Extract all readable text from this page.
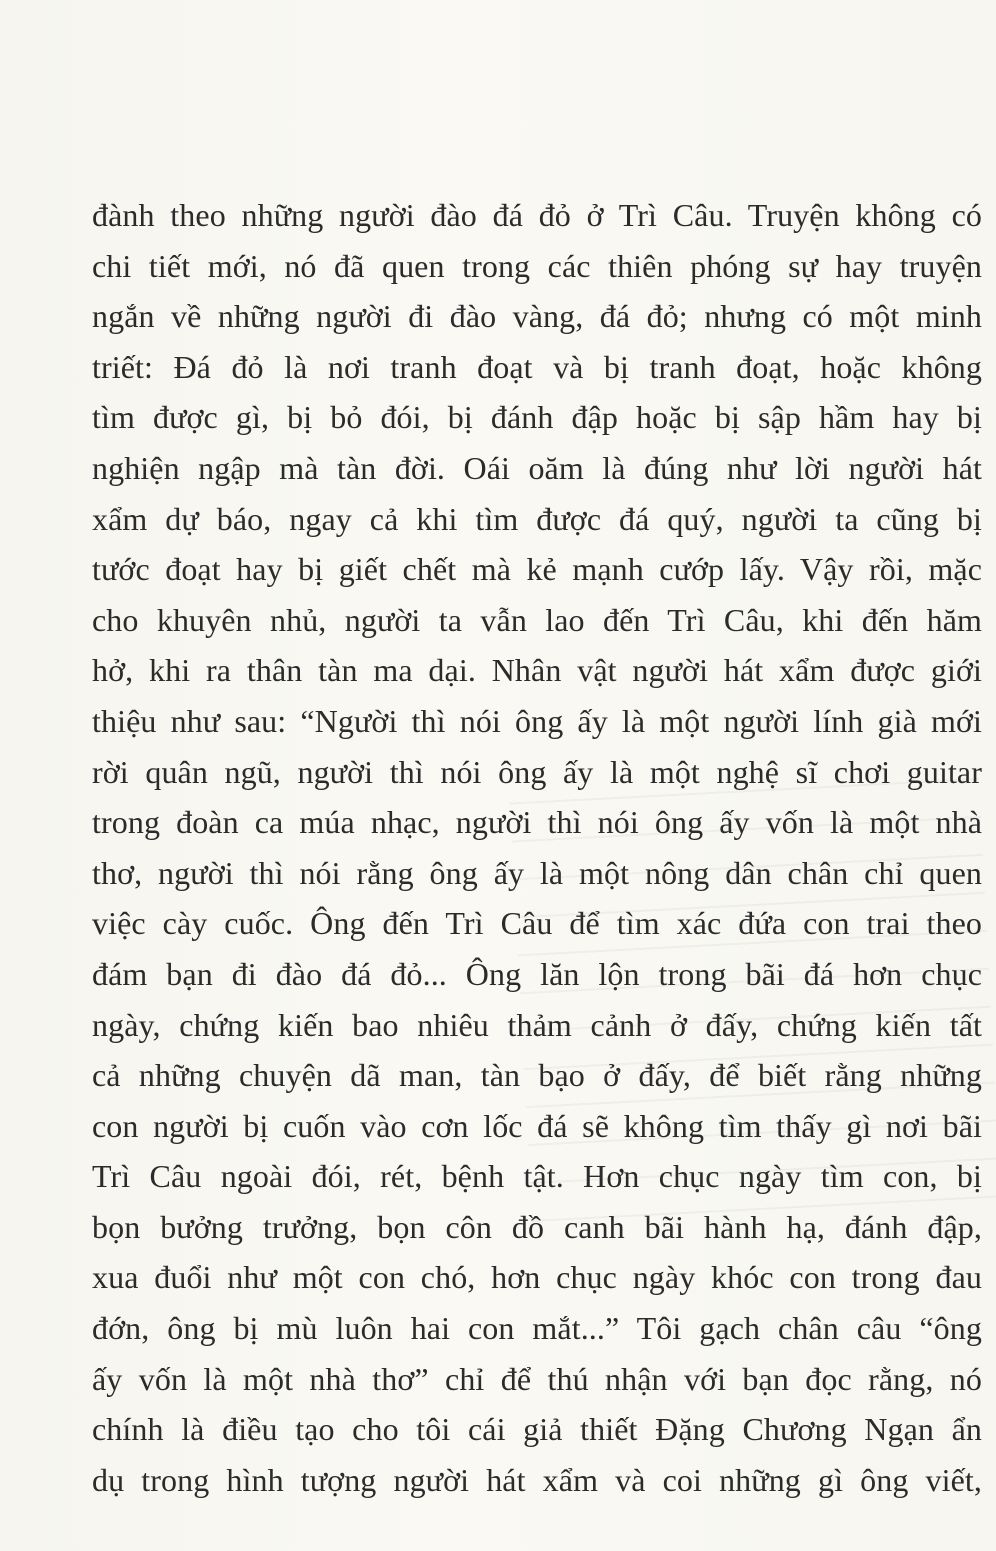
đành theo những người đào đá đỏ ở Trì Câu. Truyện không có
chi tiết mới, nó đã quen trong các thiên phóng sự hay truyện
ngắn về những người đi đào vàng, đá đỏ; nhưng có một minh
triết: Đá đỏ là nơi tranh đoạt và bị tranh đoạt, hoặc không
tìm được gì, bị bỏ đói, bị đánh đập hoặc bị sập hầm hay bị
nghiện ngập mà tàn đời. Oái oăm là đúng như lời người hát
xẩm dự báo, ngay cả khi tìm được đá quý, người ta cũng bị
tước đoạt hay bị giết chết mà kẻ mạnh cướp lấy. Vậy rồi, mặc
cho khuyên nhủ, người ta vẫn lao đến Trì Câu, khi đến hăm
hở, khi ra thân tàn ma dại. Nhân vật người hát xẩm được giới
thiệu như sau: “Người thì nói ông ấy là một người lính già mới
rời quân ngũ, người thì nói ông ấy là một nghệ sĩ chơi guitar
trong đoàn ca múa nhạc, người thì nói ông ấy vốn là một nhà
thơ, người thì nói rằng ông ấy là một nông dân chân chỉ quen
việc cày cuốc. Ông đến Trì Câu để tìm xác đứa con trai theo
đám bạn đi đào đá đỏ... Ông lăn lộn trong bãi đá hơn chục
ngày, chứng kiến bao nhiêu thảm cảnh ở đấy, chứng kiến tất
cả những chuyện dã man, tàn bạo ở đấy, để biết rằng những
con người bị cuốn vào cơn lốc đá sẽ không tìm thấy gì nơi bãi
Trì Câu ngoài đói, rét, bệnh tật. Hơn chục ngày tìm con, bị
bọn bưởng trưởng, bọn côn đồ canh bãi hành hạ, đánh đập,
xua đuổi như một con chó, hơn chục ngày khóc con trong đau
đớn, ông bị mù luôn hai con mắt...” Tôi gạch chân câu “ông
ấy vốn là một nhà thơ” chỉ để thú nhận với bạn đọc rằng, nó
chính là điều tạo cho tôi cái giả thiết Đặng Chương Ngạn ẩn
dụ trong hình tượng người hát xẩm và coi những gì ông viết,
